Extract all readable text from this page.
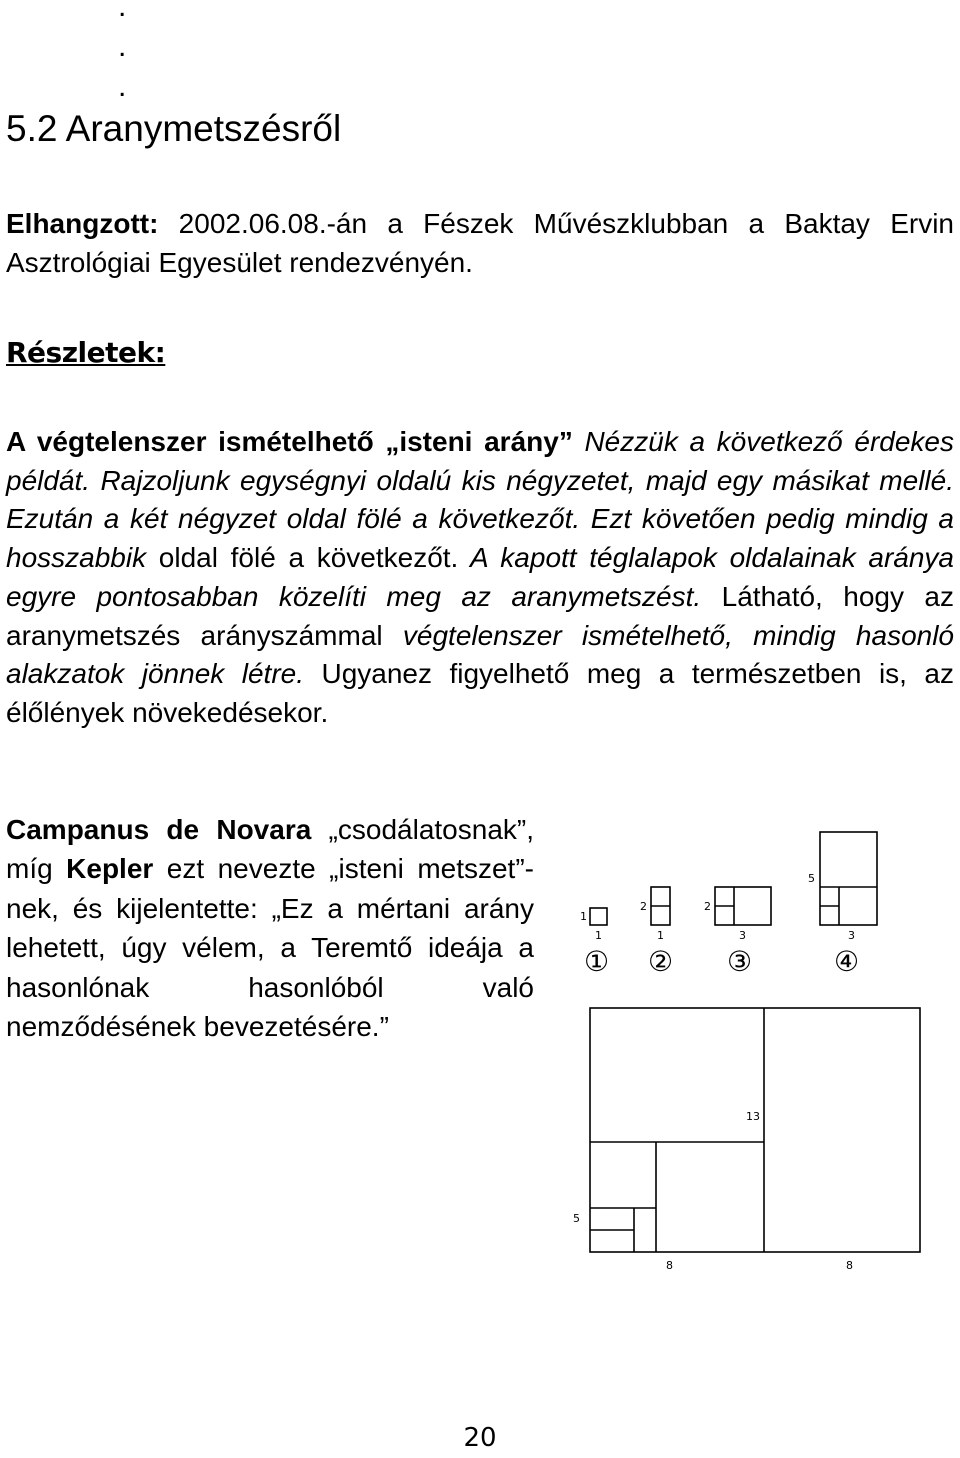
.
.
.
5.2 Aranymetszésről

Elhangzott: 2002.06.08.-án a Fészek Művészklubban a Baktay Ervin Asztrológiai Egyesület rendezvényén.

Részletek:

A végtelenszer ismételhető „isteni arány” Nézzük a következő érdekes példát. Rajzoljunk egységnyi oldalú kis négyzetet, majd egy másikat mellé. Ezután a két négyzet oldal fölé a következőt. Ezt követően pedig mindig a hosszabbik oldal fölé a következőt. A kapott téglalapok oldalainak aránya egyre pontosabban közelíti meg az aranymetszést. Látható, hogy az aranymetszés arányszámmal végtelenszer ismételhető, mindig hasonló alakzatok jönnek létre. Ugyanez figyelhető meg a természetben is, az élőlények növekedésekor.

Campanus de Novara „csodálatosnak”, míg Kepler ezt nevezte „isteni metszet”-nek, és kijelentette: „Ez a mértani arány lehetett, úgy vélem, a Teremtő ideája a hasonlónak hasonlóból való nemződésének bevezetésére.”

1
1
2
1
2
3
5
3
13
5
8	8
① ② ③	④
20
